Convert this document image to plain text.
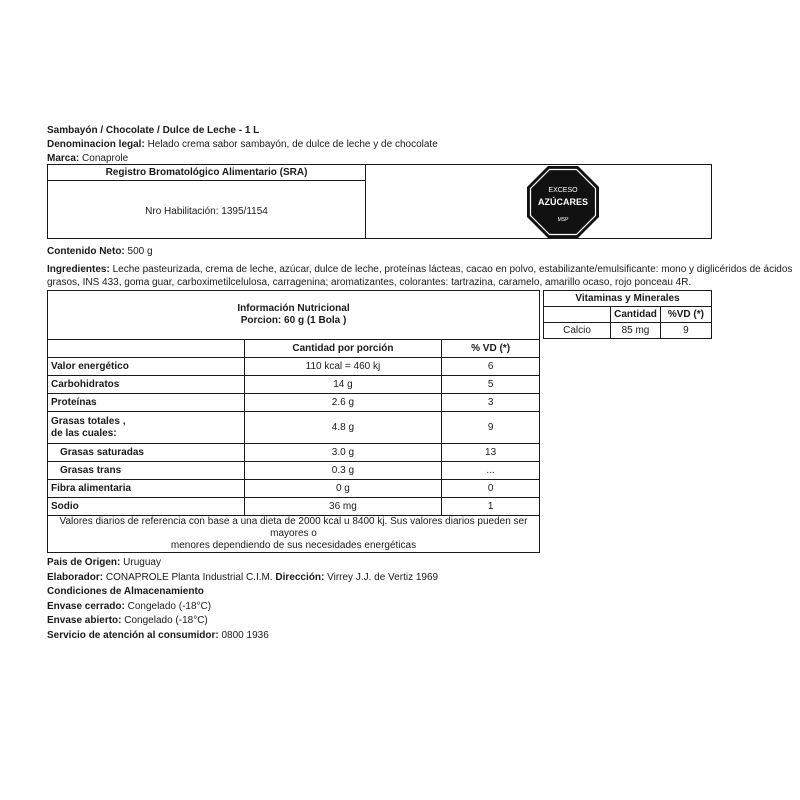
Sambayón / Chocolate / Dulce de Leche - 1 L
Denominacion legal: Helado crema sabor sambayón, de dulce de leche y de chocolate
Marca: Conaprole
Registro Bromatológico Alimentario (SRA)
Nro Habilitación: 1395/1154
EXCESO
AZÚCARES
MSP
Contenido Neto: 500 g
Ingredientes: Leche pasteurizada, crema de leche, azúcar, dulce de leche, proteínas lácteas, cacao en polvo, estabilizante/emulsificante: mono y diglicéridos de ácidos
grasos, INS 433, goma guar, carboximetilcelulosa, carragenina; aromatizantes, colorantes: tartrazina, caramelo, amarillo ocaso, rojo ponceau 4R.
Información Nutricional
Porcion: 60 g (1 Bola )		

	Cantidad por porción	% VD (*)
Valor energético	110 kcal = 460 kj	6
Carbohidratos	14 g	5
Proteínas	2.6 g	3

Grasas totales ,
de las cuales:	4.8 g	9
Grasas saturadas	3.0 g	13
Grasas trans	0.3 g	...
Fibra alimentaria	0 g	0
Sodio	36 mg	1

Valores diarios de referencia con base a una dieta de 2000 kcal u 8400 kj. Sus valores diarios pueden ser mayores o
menores dependiendo de sus necesidades energéticas		
Vitaminas y Minerales		
	Cantidad	%VD (*)
Calcio	85 mg	9
Pais de Origen: Uruguay
Elaborador: CONAPROLE Planta Industrial C.I.M. Dirección: Virrey J.J. de Vertiz 1969
Condiciones de Almacenamiento
Envase cerrado: Congelado (-18°C)
Envase abierto: Congelado (-18°C)
Servicio de atención al consumidor: 0800 1936
